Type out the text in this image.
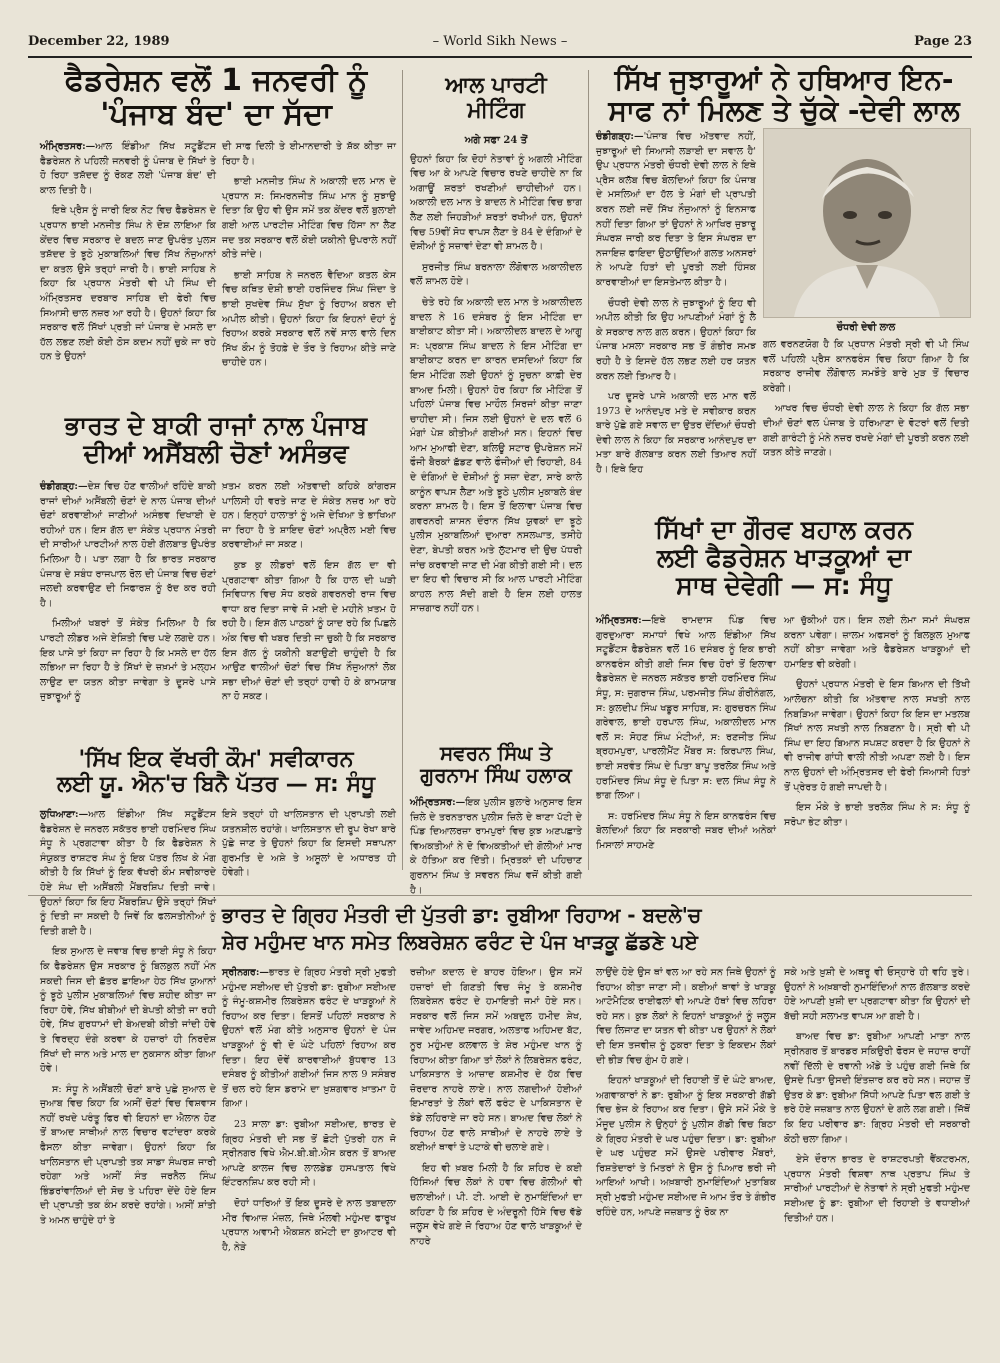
December 22, 1989	– World Sikh News –	Page 23
ਫੈਡਰੇਸ਼ਨ ਵਲੋਂ 1 ਜਨਵਰੀ ਨੂੰ
'ਪੰਜਾਬ ਬੰਦ' ਦਾ ਸੱਦਾ

ਅੰਮ੍ਰਿਤਸਰ:—ਆਲ ਇੰਡੀਆ ਸਿੱਖ ਸਟੂਡੈਂਟਸ ਫੈਡਰੇਸ਼ਨ ਨੇ ਪਹਿਲੀ ਜਨਵਰੀ ਨੂੰ ਪੰਜਾਬ ਦੇ ਸਿੱਖਾਂ ਤੇ ਹੋ ਰਿਹਾ ਤਸ਼ੱਦਦ ਨੂੰ ਰੋਕਣ ਲਈ 'ਪੰਜਾਬ ਬੰਦ' ਦੀ ਕਾਲ ਦਿਤੀ ਹੈ।

ਇਥੇ ਪ੍ਰੈਸ ਨੂੰ ਜਾਰੀ ਇਕ ਨੋਟ ਵਿਚ ਫੈਡਰੇਸ਼ਨ ਦੇ ਪ੍ਰਧਾਨ ਭਾਈ ਮਨਜੀਤ ਸਿੰਘ ਨੇ ਦੋਸ਼ ਲਾਇਆ ਕਿ ਕੇਂਦਰ ਵਿਚ ਸਰਕਾਰ ਦੇ ਬਦਲ ਜਾਣ ਉਪਰੰਤ ਪੁਲਸ ਤਸ਼ੱਦਦ ਤੇ ਝੂਠੇ ਮੁਕਾਬਲਿਆਂ ਵਿਚ ਸਿੱਖ ਨੌਜੁਆਨਾਂ ਦਾ ਕਤਲ ਉਸੇ ਤਰ੍ਹਾਂ ਜਾਰੀ ਹੈ। ਭਾਈ ਸਾਹਿਬ ਨੇ ਕਿਹਾ ਕਿ ਪ੍ਰਧਾਨ ਮੰਤਰੀ ਵੀ ਪੀ ਸਿੰਘ ਦੀ ਅੰਮ੍ਰਿਤਸਰ ਦਰਬਾਰ ਸਾਹਿਬ ਦੀ ਫੇਰੀ ਵਿਚ ਸਿਆਸੀ ਚਾਲ ਨਜ਼ਰ ਆ ਰਹੀ ਹੈ। ਉਹਨਾਂ ਕਿਹਾ ਕਿ ਸਰਕਾਰ ਵਲੋਂ ਸਿੱਖਾਂ ਪ੍ਰਤੀ ਜਾਂ ਪੰਜਾਬ ਦੇ ਮਸਲੇ ਦਾ ਹੱਲ ਲਭਣ ਲਈ ਕੋਈ ਠੋਸ ਕਦਮ ਨਹੀਂ ਚੁਕੇ ਜਾ ਰਹੇ ਹਨ ਤੇ ਉਹਨਾਂ

ਦੀ ਸਾਫ ਦਿਲੀ ਤੇ ਈਮਾਨਦਾਰੀ ਤੇ ਸ਼ੱਕ ਕੀਤਾ ਜਾ ਰਿਹਾ ਹੈ।

ਭਾਈ ਮਨਜੀਤ ਸਿੰਘ ਨੇ ਅਕਾਲੀ ਦਲ ਮਾਨ ਦੇ ਪ੍ਰਧਾਨ ਸ: ਸਿਮਰਨਜੀਤ ਸਿੰਘ ਮਾਨ ਨੂੰ ਸੁਝਾਉ ਦਿਤਾ ਕਿ ਉਹ ਵੀ ਉਸ ਸਮੇਂ ਤਕ ਕੇਂਦਰ ਵਲੋਂ ਬੁਲਾਈ ਗਈ ਆਲ ਪਾਰਟੀਜ਼ ਮੀਟਿੰਗ ਵਿਚ ਹਿੱਸਾ ਨਾ ਲੈਣ ਜਦ ਤਕ ਸਰਕਾਰ ਵਲੋਂ ਕੋਈ ਯਕੀਨੀ ਉਪਰਾਲੇ ਨਹੀਂ ਕੀਤੇ ਜਾਂਦੇ।

ਭਾਈ ਸਾਹਿਬ ਨੇ ਜਨਰਲ ਵੈਦਿਆ ਕਤਲ ਕੇਸ ਵਿਚ ਕਥਿਤ ਦੋਸ਼ੀ ਭਾਈ ਹਰਜਿੰਦਰ ਸਿੰਘ ਜਿੰਦਾ ਤੇ ਭਾਈ ਸੁਖਦੇਵ ਸਿੰਘ ਸੁੱਖਾ ਨੂੰ ਰਿਹਾਅ ਕਰਨ ਦੀ ਅਪੀਲ ਕੀਤੀ। ਉਹਨਾਂ ਕਿਹਾ ਕਿ ਇਹਨਾਂ ਦੋਹਾਂ ਨੂੰ ਰਿਹਾਅ ਕਰਕੇ ਸਰਕਾਰ ਵਲੋਂ ਨਵੇਂ ਸਾਲ ਵਾਲੇ ਦਿਨ ਸਿੱਖ ਕੌਮ ਨੂੰ ਤੋਹਫ਼ੇ ਦੇ ਤੌਰ ਤੇ ਰਿਹਾਅ ਕੀਤੇ ਜਾਣੇ ਚਾਹੀਦੇ ਹਨ।

ਆਲ ਪਾਰਟੀ
ਮੀਟਿੰਗ
ਅਗੇ ਸਫਾ 24 ਤੋਂ

ਉਹਨਾਂ ਕਿਹਾ ਕਿ ਦੋਹਾਂ ਨੇਤਾਵਾਂ ਨੂੰ ਅਗਲੀ ਮੀਟਿੰਗ ਵਿਚ ਆ ਕੇ ਆਪਣੇ ਵਿਚਾਰ ਰਖਣੇ ਚਾਹੀਦੇ ਨਾ ਕਿ ਅਗਾਊਂ ਸ਼ਰਤਾਂ ਰਖਣੀਆਂ ਚਾਹੀਦੀਆਂ ਹਨ। ਅਕਾਲੀ ਦਲ ਮਾਨ ਤੇ ਬਾਦਲ ਨੇ ਮੀਟਿੰਗ ਵਿਚ ਭਾਗ ਲੈਣ ਲਈ ਜਿਹੜੀਆਂ ਸ਼ਰਤਾਂ ਰਖੀਆਂ ਹਨ, ਉਹਨਾਂ ਵਿਚ 59ਵੀਂ ਸੋਧ ਵਾਪਸ ਲੈਣਾ ਤੇ 84 ਦੇ ਦੰਗਿਆਂ ਦੇ ਦੋਸ਼ੀਆਂ ਨੂੰ ਸਜ਼ਾਵਾਂ ਦੇਣਾ ਵੀ ਸ਼ਾਮਲ ਹੈ।

ਸੁਰਜੀਤ ਸਿੰਘ ਬਰਨਾਲਾ ਲੌਂਗੋਵਾਲ ਅਕਾਲੀਦਲ ਵਲੋਂ ਸ਼ਾਮਲ ਹੋਏ।

ਚੇਤੇ ਰਹੇ ਕਿ ਅਕਾਲੀ ਦਲ ਮਾਨ ਤੇ ਅਕਾਲੀਦਲ ਬਾਦਲ ਨੇ 16 ਦਸੰਬਰ ਨੂੰ ਇਸ ਮੀਟਿੰਗ ਦਾ ਬਾਈਕਾਟ ਕੀਤਾ ਸੀ। ਅਕਾਲੀਦਲ ਬਾਦਲ ਦੇ ਆਗੂ ਸ: ਪ੍ਰਕਾਸ਼ ਸਿੰਘ ਬਾਦਲ ਨੇ ਇਸ ਮੀਟਿੰਗ ਦਾ ਬਾਈਕਾਟ ਕਰਨ ਦਾ ਕਾਰਨ ਦਸਦਿਆਂ ਕਿਹਾ ਕਿ ਇਸ ਮੀਟਿੰਗ ਲਈ ਉਹਨਾਂ ਨੂੰ ਸੂਚਨਾ ਕਾਫ਼ੀ ਦੇਰ ਬਾਅਦ ਮਿਲੀ। ਉਹਨਾਂ ਹੋਰ ਕਿਹਾ ਕਿ ਮੀਟਿੰਗ ਤੋਂ ਪਹਿਲਾਂ ਪੰਜਾਬ ਵਿਚ ਮਾਹੌਲ ਸਿਰਜਾਂ ਕੀਤਾ ਜਾਣਾ ਚਾਹੀਦਾ ਸੀ। ਜਿਸ ਲਈ ਉਹਨਾਂ ਦੇ ਦਲ ਵਲੋਂ 6 ਮੰਗਾਂ ਪੇਸ਼ ਕੀਤੀਆਂ ਗਈਆਂ ਸਨ। ਇਹਨਾਂ ਵਿਚ ਆਮ ਮੁਆਫੀ ਦੇਣਾ, ਬਲਿਊ ਸਟਾਰ ਉਪਰੇਸ਼ਨ ਸਮੇਂ ਫੌਜੀ ਬੈਰਕਾਂ ਛੱਡਣ ਵਾਲੇ ਫੌਜੀਆਂ ਦੀ ਰਿਹਾਈ, 84 ਦੇ ਦੰਗਿਆਂ ਦੇ ਦੋਸ਼ੀਆਂ ਨੂੰ ਸਜ਼ਾ ਦੇਣਾ, ਸਾਰੇ ਕਾਲੇ ਕਾਨੂੰਨ ਵਾਪਸ ਲੈਣਾ ਅਤੇ ਝੂਠੇ ਪੁਲੀਸ ਮੁਕਾਬਲੇ ਬੰਦ ਕਰਨਾ ਸ਼ਾਮਲ ਹੈ। ਇਸ ਤੋਂ ਇਲਾਵਾ ਪੰਜਾਬ ਵਿਚ ਗਵਰਨਰੀ ਸ਼ਾਸਨ ਦੌਰਾਨ ਸਿੱਖ ਯੁਵਕਾਂ ਦਾ ਝੂਠੇ ਪੁਲੀਸ ਮੁਕਾਬਲਿਆਂ ਦੁਆਰਾ ਨਸਲਘਾਤ, ਤਸੀਹੇ ਦੇਣਾ, ਬੇਪਤੀ ਕਰਨ ਅਤੇ ਲੁੱਟਮਾਰ ਦੀ ਉਚ ਪੱਧਰੀ ਜਾਂਚ ਕਰਵਾਈ ਜਾਣ ਦੀ ਮੰਗ ਕੀਤੀ ਗਈ ਸੀ। ਦਲ ਦਾ ਇਹ ਵੀ ਵਿਚਾਰ ਸੀ ਕਿ ਆਲ ਪਾਰਟੀ ਮੀਟਿੰਗ ਕਾਹਲ ਨਾਲ ਸੱਦੀ ਗਈ ਹੈ ਇਸ ਲਈ ਹਾਲਤ ਸਾਜ਼ਗਾਰ ਨਹੀਂ ਹਨ।

ਸਿੱਖ ਜੁਝਾਰੂਆਂ ਨੇ ਹਥਿਆਰ ਇਨ-
ਸਾਫ ਨਾਂ ਮਿਲਣ ਤੇ ਚੁੱਕੇ -ਦੇਵੀ ਲਾਲ

ਚੰਡੀਗੜ੍ਹ:—'ਪੰਜਾਬ ਵਿਚ ਅੱਤਵਾਦ ਨਹੀਂ, ਜੁਝਾਰੂਆਂ ਦੀ ਸਿਆਸੀ ਲੜਾਈ ਦਾ ਸਵਾਲ ਹੈ' ਉਪ ਪ੍ਰਧਾਨ ਮੰਤਰੀ ਚੌਧਰੀ ਦੇਵੀ ਲਾਲ ਨੇ ਇਥੇ ਪ੍ਰੈਸ ਕਲੱਬ ਵਿਚ ਬੋਲਦਿਆਂ ਕਿਹਾ ਕਿ ਪੰਜਾਬ ਦੇ ਮਸਲਿਆਂ ਦਾ ਹੱਲ ਤੇ ਮੰਗਾਂ ਦੀ ਪ੍ਰਾਪਤੀ ਕਰਨ ਲਈ ਜਦੋਂ ਸਿੱਖ ਨੌਜੁਆਨਾਂ ਨੂੰ ਇਨਸਾਫ ਨਹੀਂ ਦਿਤਾ ਗਿਆ ਤਾਂ ਉਹਨਾਂ ਨੇ ਆਖਿਰ ਜੁਝਾਰੂ ਸੰਘਰਸ਼ ਜਾਰੀ ਕਰ ਦਿਤਾ ਤੇ ਇਸ ਸੰਘਰਸ਼ ਦਾ ਨਜਾਇਜ਼ ਫਾਇਦਾ ਉਠਾਉਂਦਿਆਂ ਗਲਤ ਅਨਸਰਾਂ ਨੇ ਆਪਣੇ ਹਿਤਾਂ ਦੀ ਪੂਰਤੀ ਲਈ ਹਿੰਸਕ ਕਾਰਵਾਈਆਂ ਦਾ ਇਸਤੇਮਾਲ ਕੀਤਾ ਹੈ।

ਚੌਧਰੀ ਦੇਵੀ ਲਾਲ ਨੇ ਜੁਝਾਰੂਆਂ ਨੂੰ ਇਹ ਵੀ ਅਪੀਲ ਕੀਤੀ ਕਿ ਉਹ ਆਪਣੀਆਂ ਮੰਗਾਂ ਨੂੰ ਲੈ ਕੇ ਸਰਕਾਰ ਨਾਲ ਗਲ ਕਰਨ। ਉਹਨਾਂ ਕਿਹਾ ਕਿ ਪੰਜਾਬ ਮਸਲਾ ਸਰਕਾਰ ਸਭ ਤੋਂ ਗੰਭੀਰ ਸਮਝ ਰਹੀ ਹੈ ਤੇ ਇਸਦੇ ਹੱਲ ਲਭਣ ਲਈ ਹਰ ਯਤਨ ਕਰਨ ਲਈ ਤਿਆਰ ਹੈ।

ਪਰ ਦੂਸਰੇ ਪਾਸੇ ਅਕਾਲੀ ਦਲ ਮਾਨ ਵਲੋਂ 1973 ਦੇ ਆਨੰਦਪੁਰ ਮਤੇ ਦੇ ਸਵੀਕਾਰ ਕਰਨ ਬਾਰੇ ਪੁੱਛੇ ਗਏ ਸਵਾਲ ਦਾ ਉਤਰ ਦੇਂਦਿਆਂ ਚੌਧਰੀ ਦੇਵੀ ਲਾਲ ਨੇ ਕਿਹਾ ਕਿ ਸਰਕਾਰ ਆਨੰਦਪੁਰ ਦਾ ਮਤਾ ਬਾਰੇ ਗੱਲਬਾਤ ਕਰਨ ਲਈ ਤਿਆਰ ਨਹੀਂ ਹੈ। ਇਥੇ ਇਹ

ਚੌਧਰੀ ਦੇਵੀ ਲਾਲ

ਗਲ ਵਰਨਣਯੋਗ ਹੈ ਕਿ ਪ੍ਰਧਾਨ ਮੰਤਰੀ ਸ੍ਰੀ ਵੀ ਪੀ ਸਿੰਘ ਵਲੋਂ ਪਹਿਲੀ ਪ੍ਰੈਸ ਕਾਨਫਰੰਸ ਵਿਚ ਕਿਹਾ ਗਿਆ ਹੈ ਕਿ ਸਰਕਾਰ ਰਾਜੀਵ ਲੌਂਗੋਵਾਲ ਸਮਝੌਤੇ ਬਾਰੇ ਮੁੜ ਤੋਂ ਵਿਚਾਰ ਕਰੇਗੀ।

ਆਖਰ ਵਿਚ ਚੌਧਰੀ ਦੇਵੀ ਲਾਲ ਨੇ ਕਿਹਾ ਕਿ ਗੱਲ ਸਭਾ ਦੀਆਂ ਚੋਣਾਂ ਵਲ ਪੰਜਾਬ ਤੇ ਹਰਿਆਣਾ ਦੇ ਵੋਟਰਾਂ ਵਲੋਂ ਦਿਤੀ ਗਈ ਗਾਰੰਟੀ ਨੂੰ ਮੰਨੇ ਨਜ਼ਰ ਰਖਦੇ ਮੰਗਾਂ ਦੀ ਪੂਰਤੀ ਕਰਨ ਲਈ ਯਤਨ ਕੀਤੇ ਜਾਣਗੇ।

ਭਾਰਤ ਦੇ ਬਾਕੀ ਰਾਜਾਂ ਨਾਲ ਪੰਜਾਬ
ਦੀਆਂ ਅਸੈਂਬਲੀ ਚੋਣਾਂ ਅਸੰਭਵ

ਚੰਡੀਗੜ੍ਹ:—ਦੇਸ਼ ਵਿਚ ਹੋਣ ਵਾਲੀਆਂ ਰਹਿੰਦੇ ਬਾਕੀ ਰਾਜਾਂ ਦੀਆਂ ਅਸੈਂਬਲੀ ਚੋਣਾਂ ਦੇ ਨਾਲ ਪੰਜਾਬ ਦੀਆਂ ਚੋਣਾਂ ਕਰਵਾਈਆਂ ਜਾਣੀਆਂ ਅਸੰਭਵ ਦਿਖਾਈ ਦੇ ਰਹੀਆਂ ਹਨ। ਇਸ ਗੱਲ ਦਾ ਸੰਕੇਤ ਪ੍ਰਧਾਨ ਮੰਤਰੀ ਦੀ ਸਾਰੀਆਂ ਪਾਰਟੀਆਂ ਨਾਲ ਹੋਈ ਗੱਲਬਾਤ ਉਪਰੰਤ ਮਿਲਿਆ ਹੈ। ਪਤਾ ਲਗਾ ਹੈ ਕਿ ਭਾਰਤ ਸਰਕਾਰ ਪੰਜਾਬ ਦੇ ਸਬੰਧ ਰਾਜਪਾਲ ਰੋਲ ਦੀ ਪੰਜਾਬ ਵਿਚ ਚੋਣਾਂ ਜਲਦੀ ਕਰਵਾਉਣ ਦੀ ਸਿਫਾਰਸ਼ ਨੂੰ ਰੱਦ ਕਰ ਰਹੀ ਹੈ।

ਮਿਲੀਆਂ ਖਬਰਾਂ ਤੋਂ ਸੰਕੇਤ ਮਿਲਿਆ ਹੈ ਕਿ ਪਾਰਟੀ ਲੀਡਰ ਅਜੇ ਏਸ਼ਿਤੀ ਵਿਚ ਪਏ ਲਗਦੇ ਹਨ। ਇਕ ਪਾਸੇ ਤਾਂ ਕਿਹਾ ਜਾ ਰਿਹਾ ਹੈ ਕਿ ਮਸਲੇ ਦਾ ਹੱਲ ਲਭਿਆ ਜਾ ਰਿਹਾ ਹੈ ਤੇ ਸਿੱਖਾਂ ਦੇ ਜ਼ਖ਼ਮਾਂ ਤੇ ਮਲ੍ਹਮ ਲਾਉਣ ਦਾ ਯਤਨ ਕੀਤਾ ਜਾਵੇਗਾ ਤੇ ਦੂਸਰੇ ਪਾਸੇ ਜੁਝਾਰੂਆਂ ਨੂੰ

ਖ਼ਤਮ ਕਰਨ ਲਈ ਅੱਤਵਾਦੀ ਕਹਿਕੇ ਕਾਂਗਰਸ ਪਾਲਿਸੀ ਹੀ ਵਰਤੇ ਜਾਣ ਦੇ ਸੰਕੇਤ ਨਜ਼ਰ ਆ ਰਹੇ ਹਨ। ਇਨ੍ਹਾਂ ਹਾਲਾਤਾਂ ਨੂੰ ਅਜੇ ਦੇਖਿਆ ਤੇ ਭਾਖਿਆ ਜਾ ਰਿਹਾ ਹੈ ਤੇ ਸ਼ਾਇਦ ਚੋਣਾਂ ਅਪ੍ਰੈਲ ਮਈ ਵਿਚ ਕਰਵਾਈਆਂ ਜਾ ਸਕਣ।

ਕੁਝ ਕੁ ਲੀਡਰਾਂ ਵਲੋਂ ਇਸ ਗੱਲ ਦਾ ਵੀ ਪ੍ਰਗਟਾਵਾ ਕੀਤਾ ਗਿਆ ਹੈ ਕਿ ਹਾਲ ਦੀ ਘੜੀ ਸਿਵਿਧਾਨ ਵਿਚ ਸੋਧ ਕਰਕੇ ਗਵਰਨਰੀ ਰਾਜ ਵਿਚ ਵਾਧਾ ਕਰ ਦਿਤਾ ਜਾਵੇ ਜੋ ਮਈ ਦੇ ਮਹੀਨੇ ਖ਼ਤਮ ਹੋ ਰਹੀ ਹੈ। ਇਸ ਗੱਲ ਪਾਠਕਾਂ ਨੂੰ ਯਾਦ ਰਹੇ ਕਿ ਪਿਛਲੇ ਅੰਕ ਵਿਚ ਵੀ ਖਬਰ ਦਿਤੀ ਜਾ ਚੁਕੀ ਹੈ ਕਿ ਸਰਕਾਰ ਇਸ ਗੱਲ ਨੂੰ ਯਕੀਨੀ ਬਣਾਉਣੀ ਚਾਹੁੰਦੀ ਹੈ ਕਿ ਆਉਣ ਵਾਲੀਆਂ ਚੋਣਾਂ ਵਿਚ ਸਿੱਖ ਨੌਜੁਆਨਾਂ ਲੋਕ ਸਭਾ ਦੀਆਂ ਚੋਣਾਂ ਦੀ ਤਰ੍ਹਾਂ ਹਾਵੀ ਹੋ ਕੇ ਕਾਮਯਾਬ ਨਾ ਹੋ ਸਕਣ।

ਸਿੱਖਾਂ ਦਾ ਗੌਰਵ ਬਹਾਲ ਕਰਨ
ਲਈ ਫੈਡਰੇਸ਼ਨ ਖਾੜਕੂਆਂ ਦਾ
ਸਾਥ ਦੇਵੇਗੀ — ਸ: ਸੰਧੂ

ਅੰਮ੍ਰਿਤਸਰ:—ਇਥੇ ਰਾਮਦਾਸ ਪਿੰਡ ਵਿਚ ਗੁਰਦੁਆਰਾ ਸਮਾਧਾਂ ਵਿਖੇ ਆਲ ਇੰਡੀਆ ਸਿੱਖ ਸਟੂਡੈਂਟਸ ਫੈਡਰੇਸ਼ਨ ਵਲੋਂ 16 ਦਸੰਬਰ ਨੂੰ ਇਕ ਭਾਰੀ ਕਾਨਫਰੰਸ ਕੀਤੀ ਗਈ ਜਿਸ ਵਿਚ ਹੋਰਾਂ ਤੋਂ ਇਲਾਵਾ ਫੈਡਰੇਸ਼ਨ ਦੇ ਜਨਰਲ ਸਕੱਤਰ ਭਾਈ ਹਰਮਿੰਦਰ ਸਿੰਘ ਸੰਧੂ, ਸ: ਜੁਗਰਾਜ ਸਿੰਘ, ਪਰਮਜੀਤ ਸਿੰਘ ਗੌਰੀਨੰਗਲ, ਸ: ਕੁਲਦੀਪ ਸਿੰਘ ਖਡੂਰ ਸਾਹਿਬ, ਸ: ਗੁਰਚਰਨ ਸਿੰਘ ਗਰੇਵਾਲ, ਭਾਈ ਹਰਪਾਲ ਸਿੰਘ, ਅਕਾਲੀਦਲ ਮਾਨ ਵਲੋਂ ਸ: ਸੋਹਣ ਸਿੰਘ ਮੰਟੀਆਂ, ਸ: ਰਣਜੀਤ ਸਿੰਘ ਬ੍ਰਹਮਪੁਰਾ, ਪਾਰਲੀਮੈਂਟ ਮੈਂਬਰ ਸ: ਕਿਰਪਾਲ ਸਿੰਘ, ਭਾਈ ਸਰਵੰਤ ਸਿੰਘ ਦੇ ਪਿਤਾ ਬਾਪੂ ਤਰਲੋਕ ਸਿੰਘ ਅਤੇ ਹਰਮਿੰਦਰ ਸਿੰਘ ਸੰਧੂ ਦੇ ਪਿਤਾ ਸ: ਦਲ ਸਿੰਘ ਸੰਧੂ ਨੇ ਭਾਗ ਲਿਆ।

ਸ: ਹਰਮਿੰਦਰ ਸਿੰਘ ਸੰਧੂ ਨੇ ਇਸ ਕਾਨਫਰੰਸ ਵਿਚ ਬੋਲਦਿਆਂ ਕਿਹਾ ਕਿ ਸਰਕਾਰੀ ਜਬਰ ਦੀਆਂ ਅਨੇਕਾਂ ਮਿਸਾਲਾਂ ਸਾਹਮਣੇ

ਆ ਚੁੱਕੀਆਂ ਹਨ। ਇਸ ਲਈ ਲੰਮਾ ਸਮਾਂ ਸੰਘਰਸ਼ ਕਰਨਾ ਪਵੇਗਾ। ਜ਼ਾਲਮ ਅਫਸਰਾਂ ਨੂੰ ਬਿਲਕੁਲ ਮੁਆਫ ਨਹੀਂ ਕੀਤਾ ਜਾਵੇਗਾ ਅਤੇ ਫੈਡਰੇਸ਼ਨ ਖਾੜਕੂਆਂ ਦੀ ਹਮਾਇਤ ਵੀ ਕਰੇਗੀ।

ਉਹਨਾਂ ਪ੍ਰਧਾਨ ਮੰਤਰੀ ਦੇ ਇਸ ਬਿਆਨ ਦੀ ਤਿੱਖੀ ਆਲੋਚਨਾ ਕੀਤੀ ਕਿ ਅੱਤਵਾਦ ਨਾਲ ਸਖਤੀ ਨਾਲ ਨਿਬੜਿਆ ਜਾਵੇਗਾ। ਉਹਨਾਂ ਕਿਹਾ ਕਿ ਇਸ ਦਾ ਮਤਲਬ ਸਿੱਖਾਂ ਨਾਲ ਸਖਤੀ ਨਾਲ ਨਿਬਣਨਾ ਹੈ। ਸ੍ਰੀ ਵੀ ਪੀ ਸਿੰਘ ਦਾ ਇਹ ਬਿਆਨ ਸਪਸ਼ਟ ਕਰਦਾ ਹੈ ਕਿ ਉਹਨਾਂ ਨੇ ਵੀ ਰਾਜੀਵ ਗਾਂਧੀ ਵਾਲੀ ਨੀਤੀ ਅਪਣਾ ਲਈ ਹੈ। ਇਸ ਨਾਲ ਉਹਨਾਂ ਦੀ ਅੰਮ੍ਰਿਤਸਰ ਦੀ ਫੇਰੀ ਸਿਆਸੀ ਹਿਤਾਂ ਤੋਂ ਪ੍ਰੇਰਤ ਹੋ ਗਈ ਜਾਪਦੀ ਹੈ।

ਇਸ ਮੌਕੇ ਤੇ ਭਾਈ ਤਰਲੋਕ ਸਿੰਘ ਨੇ ਸ: ਸੰਧੂ ਨੂੰ ਸਰੋਪਾ ਭੇਟ ਕੀਤਾ।

'ਸਿੱਖ ਇਕ ਵੱਖਰੀ ਕੌਮ' ਸਵੀਕਾਰਨ
ਲਈ ਯੂ. ਐਨ'ਚ ਬਿਨੈ ਪੱਤਰ — ਸ: ਸੰਧੂ

ਲੁਧਿਆਣਾ:—ਆਲ ਇੰਡੀਆ ਸਿੱਖ ਸਟੂਡੈਂਟਸ ਫੈਡਰੇਸ਼ਨ ਦੇ ਜਨਰਲ ਸਕੱਤਰ ਭਾਈ ਹਰਮਿੰਦਰ ਸਿੰਘ ਸੰਧੂ ਨੇ ਪ੍ਰਗਟਾਵਾ ਕੀਤਾ ਹੈ ਕਿ ਫੈਡਰੇਸ਼ਨ ਨੇ ਸੰਯੁਕਤ ਰਾਸ਼ਟਰ ਸੰਘ ਨੂੰ ਇਕ ਪੱਤਰ ਲਿਖ ਕੇ ਮੰਗ ਕੀਤੀ ਹੈ ਕਿ ਸਿੱਖਾਂ ਨੂੰ ਇਕ ਵੱਖਰੀ ਕੌਮ ਸਵੀਕਾਰਦੇ ਹੋਏ ਸੰਘ ਦੀ ਅਸੈਂਬਲੀ ਮੈਂਬਰਸ਼ਿਪ ਦਿਤੀ ਜਾਵੇ। ਉਹਨਾਂ ਕਿਹਾ ਕਿ ਇਹ ਮੈਂਬਰਸ਼ਿਪ ਉਸੇ ਤਰ੍ਹਾਂ ਸਿੱਖਾਂ ਨੂੰ ਦਿਤੀ ਜਾ ਸਕਦੀ ਹੈ ਜਿਵੇਂ ਕਿ ਫਲਸਤੀਨੀਆਂ ਨੂੰ ਦਿਤੀ ਗਈ ਹੈ।

ਇਕ ਸੁਆਲ ਦੇ ਜਵਾਬ ਵਿਚ ਭਾਈ ਸੰਧੂ ਨੇ ਕਿਹਾ ਕਿ ਫੈਡਰੇਸ਼ਨ ਉਸ ਸਰਕਾਰ ਨੂੰ ਬਿਲਕੁਲ ਨਹੀਂ ਮੰਨ ਸਕਦੀ ਜਿਸ ਦੀ ਛੱਤਰ ਛਾਇਆ ਹੇਠ ਸਿੱਖ ਯੁਆਨਾਂ ਨੂੰ ਝੂਠੇ ਪੁਲੀਸ ਮੁਕਾਬਲਿਆਂ ਵਿਚ ਸ਼ਹੀਦ ਕੀਤਾ ਜਾ ਰਿਹਾ ਹੋਵੇ, ਸਿੱਖ ਬੀਬੀਆਂ ਦੀ ਬੇਪਤੀ ਕੀਤੀ ਜਾ ਰਹੀ ਹੋਵੇ, ਸਿੱਖ ਗੁਰਧਾਮਾਂ ਦੀ ਬੇਅਦਬੀ ਕੀਤੀ ਜਾਂਦੀ ਹੋਵੇ ਤੇ ਵਿਰਦ੍ਹ ਦੰਗੇ ਕਰਵਾ ਕੇ ਹਜ਼ਾਰਾਂ ਹੀ ਨਿਰਦੋਸ਼ ਸਿੱਖਾਂ ਦੀ ਜਾਨ ਅਤੇ ਮਾਲ ਦਾ ਨੁਕਸਾਨ ਕੀਤਾ ਗਿਆ ਹੋਵੇ।

ਸ: ਸੰਧੂ ਨੇ ਅਸੈਂਬਲੀ ਚੋਣਾਂ ਬਾਰੇ ਪੁਛੇ ਸੁਆਲ ਦੇ ਜੁਆਬ ਵਿਚ ਕਿਹਾ ਕਿ ਅਸੀਂ ਚੋਣਾਂ ਵਿਚ ਵਿਸ਼ਵਾਸ ਨਹੀਂ ਰਖਦੇ ਪਰੰਤੂ ਫਿਰ ਵੀ ਇਹਨਾਂ ਦਾ ਐਲਾਨ ਹੋਣ ਤੋਂ ਬਾਅਦ ਸਾਥੀਆਂ ਨਾਲ ਵਿਚਾਰ ਵਟਾਂਦਰਾ ਕਰਕੇ ਫੈਸਲਾ ਕੀਤਾ ਜਾਵੇਗਾ। ਉਹਨਾਂ ਕਿਹਾ ਕਿ ਖਾਲਿਸਤਾਨ ਦੀ ਪ੍ਰਾਪਤੀ ਤਕ ਸਾਡਾ ਸੰਘਰਸ਼ ਜਾਰੀ ਰਹੇਗਾ ਅਤੇ ਅਸੀਂ ਸੰਤ ਜਰਨੈਲ ਸਿੰਘ ਭਿੰਡਰਾਂਵਾਲਿਆਂ ਦੀ ਸੋਚ ਤੇ ਪਹਿਰਾ ਦੇਂਦੇ ਹੋਏ ਇਸ ਦੀ ਪ੍ਰਾਪਤੀ ਤਕ ਕੰਮ ਕਰਦੇ ਰਹਾਂਗੇ। ਅਸੀਂ ਸ਼ਾਂਤੀ ਤੇ ਅਮਨ ਚਾਹੁੰਦੇ ਹਾਂ ਤੇ

ਇਸੇ ਤਰ੍ਹਾਂ ਹੀ ਖਾਲਿਸਤਾਨ ਦੀ ਪ੍ਰਾਪਤੀ ਲਈ ਯਤਨਸ਼ੀਲ ਰਹਾਂਗੇ। ਖਾਲਿਸਤਾਨ ਦੀ ਰੂਪ ਰੇਖਾ ਬਾਰੇ ਪੁੱਛੇ ਜਾਣ ਤੇ ਉਹਨਾਂ ਕਿਹਾ ਕਿ ਇਸਦੀ ਸਥਾਪਨਾ ਗੁਰਮਤਿ ਦੇ ਅਸ਼ੇ ਤੇ ਅਸੂਲਾਂ ਦੇ ਅਧਾਰਤ ਹੀ ਹੋਵੇਗੀ।

ਸਵਰਨ ਸਿੰਘ ਤੇ
ਗੁਰਨਾਮ ਸਿੰਘ ਹਲਾਕ

ਅੰਮ੍ਰਿਤਸਰ:—ਇਕ ਪੁਲੀਸ ਬੁਲਾਰੇ ਅਨੁਸਾਰ ਇਸ ਜ਼ਿਲੇ ਦੇ ਤਰਨਤਾਰਨ ਪੁਲੀਸ ਜ਼ਿਲੇ ਦੇ ਥਾਣਾ ਪੱਟੀ ਦੇ ਪਿੰਡ ਦਿਆਲਰਜ਼ਾ ਰਾਮਪੁਰਾਂ ਵਿਚ ਕੁਝ ਅਣਪਛਾਤੇ ਵਿਅਕਤੀਆਂ ਨੇ ਦੋ ਵਿਅਕਤੀਆਂ ਦੀ ਗੋਲੀਆਂ ਮਾਰ ਕੇ ਹੱਤਿਆ ਕਰ ਦਿੱਤੀ। ਮ੍ਰਿਤਕਾਂ ਦੀ ਪਹਿਚਾਣ ਗੁਰਨਾਮ ਸਿੰਘ ਤੇ ਸਵਰਨ ਸਿੰਘ ਵਜੋਂ ਕੀਤੀ ਗਈ ਹੈ।

ਭਾਰਤ ਦੇ ਗ੍ਰਿਹ ਮੰਤਰੀ ਦੀ ਪੁੱਤਰੀ ਡਾ: ਰੁਬੀਆ ਰਿਹਾਅ - ਬਦਲੇ'ਚ
ਸ਼ੇਰ ਮਹੁੰਮਦ ਖਾਨ ਸਮੇਤ ਲਿਬਰੇਸ਼ਨ ਫਰੰਟ ਦੇ ਪੰਜ ਖਾੜਕੂ ਛੱਡਣੇ ਪਏ

ਸ੍ਰੀਨਗਰ:—ਭਾਰਤ ਦੇ ਗ੍ਰਿਹ ਮੰਤਰੀ ਸ੍ਰੀ ਮੁਫਤੀ ਮਹੁੰਮਦ ਸਈਅਦ ਦੀ ਪੁੱਤਰੀ ਡਾ: ਰੁਬੀਆ ਸਈਅਦ ਨੂੰ ਜੰਮੂ-ਕਸ਼ਮੀਰ ਲਿਬਰੇਸ਼ਨ ਫਰੰਟ ਦੇ ਖਾੜਕੂਆਂ ਨੇ ਰਿਹਾਅ ਕਰ ਦਿਤਾ। ਇਸਤੋਂ ਪਹਿਲਾਂ ਸਰਕਾਰ ਨੇ ਉਹਨਾਂ ਵਲੋਂ ਮੰਗ ਕੀਤੇ ਅਨੁਸਾਰ ਉਹਨਾਂ ਦੇ ਪੰਜ ਖਾੜਕੂਆਂ ਨੂੰ ਵੀ ਦੋ ਘੰਟੇ ਪਹਿਲਾਂ ਰਿਹਾਅ ਕਰ ਦਿਤਾ। ਇਹ ਦੋਵੇਂ ਕਾਰਵਾਈਆਂ ਬੁੱਧਵਾਰ 13 ਦਸੰਬਰ ਨੂੰ ਕੀਤੀਆਂ ਗਈਆਂ ਜਿਸ ਨਾਲ 9 ਸਸੰਬਰ ਤੋਂ ਚਲ ਰਹੇ ਇਸ ਡਰਾਮੇ ਦਾ ਖ਼ੁਸ਼ਗਵਾਰ ਖ਼ਾਤਮਾ ਹੋ ਗਿਆ।

23 ਸਾਲਾ ਡਾ: ਰੁਬੀਆ ਸਈਅਦ, ਭਾਰਤ ਦੇ ਗ੍ਰਿਹ ਮੰਤਰੀ ਦੀ ਸਭ ਤੋਂ ਛੋਟੀ ਪੁੱਤਰੀ ਹਨ ਜੋ ਸ੍ਰੀਨਗਰ ਵਿਖੇ ਐਮ.ਬੀ.ਬੀ.ਐਸ ਕਰਨ ਤੋਂ ਬਾਅਦ ਆਪਣੇ ਕਾਲਜ ਵਿਚ ਲਾਲਡੇਡ ਹਸਪਤਾਲ ਵਿਖੇ ਇੰਟਰਨਸ਼ਿਪ ਕਰ ਰਹੀ ਸੀ।

ਦੋਹਾਂ ਧਾਰਿਆਂ ਤੋਂ ਇਕ ਦੂਸਰੇ ਦੇ ਨਾਲ ਤਬਾਦਲਾ ਮੀਰ ਵਿਆਜ਼ ਮੰਜ਼ਲ, ਜਿਥੇ ਮੌਲਵੀ ਮਹੁੰਮਦ ਫਾਰੂਖ ਪ੍ਰਧਾਨ ਅਵਾਮੀ ਐਕਸ਼ਨ ਕਮੇਟੀ ਦਾ ਕੁਆਟਰ ਵੀ ਹੈ, ਨੇੜੇ

ਰਜ਼ੀਆ ਕਦਾਲ ਦੇ ਬਾਹਰ ਹੋਇਆ। ਉਸ ਸਮੇਂ ਹਜ਼ਾਰਾਂ ਦੀ ਗਿਣਤੀ ਵਿਚ ਜੰਮੂ ਤੇ ਕਸ਼ਮੀਰ ਲਿਬਰੇਸ਼ਨ ਫਰੰਟ ਦੇ ਹਮਾਇਤੀ ਜਮਾਂ ਹੋਏ ਸਨ। ਸਰਕਾਰ ਵਲੋਂ ਜਿਸ ਸਮੇਂ ਅਬਦੁਲ ਹਮੀਦ ਸ਼ੇਖ, ਜਾਵੇਦ ਅਹਿਮਦ ਜਰਗਰ, ਅਲਤਾਫ ਅਹਿਮਦ ਬੱਟ, ਨੂਰ ਮਹੁੰਮਦ ਕਲਵਾਲ ਤੇ ਸ਼ੇਰ ਮਹੁੰਮਦ ਖਾਨ ਨੂੰ ਰਿਹਾਅ ਕੀਤਾ ਗਿਆ ਤਾਂ ਲੋਕਾਂ ਨੇ ਲਿਬਰੇਸ਼ਨ ਫਰੰਟ, ਪਾਕਿਸਤਾਨ ਤੇ ਆਜ਼ਾਦ ਕਸ਼ਮੀਰ ਦੇ ਹੱਕ ਵਿਚ ਜ਼ੋਰਦਾਰ ਨਾਹਰੇ ਲਾਏ। ਨਾਲ ਲਗਦੀਆਂ ਹੋਈਆਂ ਇਮਾਰਤਾਂ ਤੇ ਲੋਕਾਂ ਵਲੋਂ ਫਰੰਟ ਦੇ ਪਾਕਿਸਤਾਨ ਦੇ ਝੰਡੇ ਲਹਿਰਾਏ ਜਾ ਰਹੇ ਸਨ। ਬਾਅਦ ਵਿਚ ਲੋਕਾਂ ਨੇ ਰਿਹਾਅ ਹੋਣ ਵਾਲੇ ਸਾਥੀਆਂ ਦੇ ਨਾਹਰੇ ਲਾਏ ਤੇ ਕਈਆਂ ਥਾਵਾਂ ਤੇ ਪਟਾਕੇ ਵੀ ਚਲਾਏ ਗਏ।

ਇਹ ਵੀ ਖ਼ਬਰ ਮਿਲੀ ਹੈ ਕਿ ਸ਼ਹਿਰ ਦੇ ਕਈ ਹਿੱਸਿਆਂ ਵਿਚ ਲੋਕਾਂ ਨੇ ਹਵਾ ਵਿਚ ਗੋਲੀਆਂ ਵੀ ਚਲਾਈਆਂ। ਪੀ. ਟੀ. ਆਈ ਦੇ ਨੁਮਾਇੰਦਿਆਂ ਦਾ ਕਹਿਣਾ ਹੈ ਕਿ ਸ਼ਹਿਰ ਦੇ ਅੰਦਰੂਨੀ ਹਿੱਸੇ ਵਿਚ ਵੱਡੇ ਜਲੂਸ ਵੇਖੇ ਗਏ ਜੋ ਰਿਹਾਅ ਹੋਣ ਵਾਲੇ ਖਾੜਕੂਆਂ ਦੇ ਨਾਹਰੇ

ਲਾਉਂਦੇ ਹੋਏ ਉਸ ਥਾਂ ਵਲ ਆ ਰਹੇ ਸਨ ਜਿਥੇ ਉਹਨਾਂ ਨੂੰ ਰਿਹਾਅ ਕੀਤਾ ਜਾਣਾ ਸੀ। ਕਈਆਂ ਥਾਵਾਂ ਤੇ ਖਾੜਕੂ ਆਟੋਮੈਟਿਕ ਰਾਈਫਲਾਂ ਵੀ ਆਪਣੇ ਹੱਥਾਂ ਵਿਚ ਲਹਿਰਾ ਰਹੇ ਸਨ। ਕੁਝ ਲੋਕਾਂ ਨੇ ਇਹਨਾਂ ਖਾੜਕੂਆਂ ਨੂੰ ਜਲੂਸ ਵਿਚ ਲਿਜਾਣ ਦਾ ਯਤਨ ਵੀ ਕੀਤਾ ਪਰ ਉਹਨਾਂ ਨੇ ਲੋਕਾਂ ਦੀ ਇਸ ਤਜਵੀਜ਼ ਨੂੰ ਠੁਕਰਾ ਦਿਤਾ ਤੇ ਇਕਦਮ ਲੋਕਾਂ ਦੀ ਭੀੜ ਵਿਚ ਗੁੰਮ ਹੋ ਗਏ।

ਇਹਨਾਂ ਖਾੜਕੂਆਂ ਦੀ ਰਿਹਾਈ ਤੋਂ ਦੋ ਘੰਟੇ ਬਾਅਦ, ਅਗਵਾਕਾਰਾਂ ਨੇ ਡਾ: ਰੁਬੀਆ ਨੂੰ ਇਕ ਸਰਕਾਰੀ ਗੱਡੀ ਵਿਚ ਭੇਜ ਕੇ ਰਿਹਾਅ ਕਰ ਦਿਤਾ। ਉਸੇ ਸਮੇਂ ਮੌਕੇ ਤੇ ਮੌਜੂਦ ਪੁਲੀਸ ਨੇ ਉਨ੍ਹਾਂ ਨੂੰ ਪੁਲੀਸ ਗੱਡੀ ਵਿਚ ਬਿਠਾ ਕੇ ਗ੍ਰਿਹ ਮੰਤਰੀ ਦੇ ਘਰ ਪਹੁੰਚਾ ਦਿਤਾ। ਡਾ: ਰੁਬੀਆ ਦੇ ਘਰ ਪਹੁੰਚਣ ਸਮੇਂ ਉਸਦੇ ਪਰੀਵਾਰ ਮੈਂਬਰਾਂ, ਰਿਸ਼ਤੇਦਾਰਾਂ ਤੇ ਮਿਤਰਾਂ ਨੇ ਉਸ ਨੂੰ ਪਿਆਰ ਭਰੀ ਜੀ ਆਇਆਂ ਆਖੀ। ਅਖ਼ਬਾਰੀ ਨੁਮਾਇੰਦਿਆਂ ਮੁਤਾਬਿਕ ਸ੍ਰੀ ਮੁਫਤੀ ਮਹੁੰਮਦ ਸਈਅਦ ਜੋ ਆਮ ਤੌਰ ਤੇ ਗੰਭੀਰ ਰਹਿੰਦੇ ਹਨ, ਆਪਣੇ ਜਜ਼ਬਾਤ ਨੂੰ ਰੋਕ ਨਾ

ਸਕੇ ਅਤੇ ਖ਼ੁਸ਼ੀ ਦੇ ਅਥਰੂ ਵੀ ਓਸ੍ਹਾਰੇ ਹੀ ਵਹਿ ਤੁਰੇ। ਉਹਨਾਂ ਨੇ ਅਖ਼ਬਾਰੀ ਨੁਮਾਇੰਦਿਆਂ ਨਾਲ ਗੱਲਬਾਤ ਕਰਦੇ ਹੋਏ ਆਪਣੀ ਖ਼ੁਸ਼ੀ ਦਾ ਪ੍ਰਗਟਾਵਾ ਕੀਤਾ ਕਿ ਉਹਨਾਂ ਦੀ ਬੱਚੀ ਸਹੀ ਸਲਾਮਤ ਵਾਪਸ ਆ ਗਈ ਹੈ।

ਬਾਅਦ ਵਿਚ ਡਾ: ਰੁਬੀਆ ਆਪਣੀ ਮਾਤਾ ਨਾਲ ਸ੍ਰੀਨਗਰ ਤੋਂ ਬਾਰਡਰ ਸਕਿਉਰੀ ਫੋਰਸ ਦੇ ਜਹਾਜ਼ ਰਾਹੀਂ ਨਵੀਂ ਦਿੱਲੀ ਦੇ ਰਵਾਨੀ ਅੱਡੇ ਤੇ ਪਹੁੰਚ ਗਈ ਜਿਥੇ ਕਿ ਉਸਦੇ ਪਿਤਾ ਉਸਦੀ ਇੰਤਜ਼ਾਰ ਕਰ ਰਹੇ ਸਨ। ਜਹਾਜ਼ ਤੋਂ ਉਤਰ ਕੇ ਡਾ: ਰੁਬੀਆ ਸਿੱਧੀ ਆਪਣੇ ਪਿਤਾ ਵਲ ਗਈ ਤੇ ਭਰੇ ਹੋਏ ਜਜ਼ਬਾਤ ਨਾਲ ਉਹਨਾਂ ਦੇ ਗਲੇ ਲਗ ਗਈ। ਜਿੱਥੋਂ ਕਿ ਇਹ ਪਰੀਵਾਰ ਡਾ: ਗ੍ਰਿਹ ਮੰਤਰੀ ਦੀ ਸਰਕਾਰੀ ਕੋਠੀ ਚਲਾ ਗਿਆ।

ਏਸੇ ਦੌਰਾਨ ਭਾਰਤ ਦੇ ਰਾਸ਼ਟਰਪਤੀ ਵੈਂਕਟਰਮਨ, ਪ੍ਰਧਾਨ ਮੰਤਰੀ ਵਿਸ਼ਵਾ ਨਾਥ ਪ੍ਰਤਾਪ ਸਿੰਘ ਤੇ ਸਾਰੀਆਂ ਪਾਰਟੀਆਂ ਦੇ ਨੇਤਾਵਾਂ ਨੇ ਸ੍ਰੀ ਮੁਫਤੀ ਮਹੁੰਮਦ ਸਈਅਦ ਨੂੰ ਡਾ: ਰੁਬੀਆ ਦੀ ਰਿਹਾਈ ਤੇ ਵਧਾਈਆਂ ਦਿਤੀਆਂ ਹਨ।
